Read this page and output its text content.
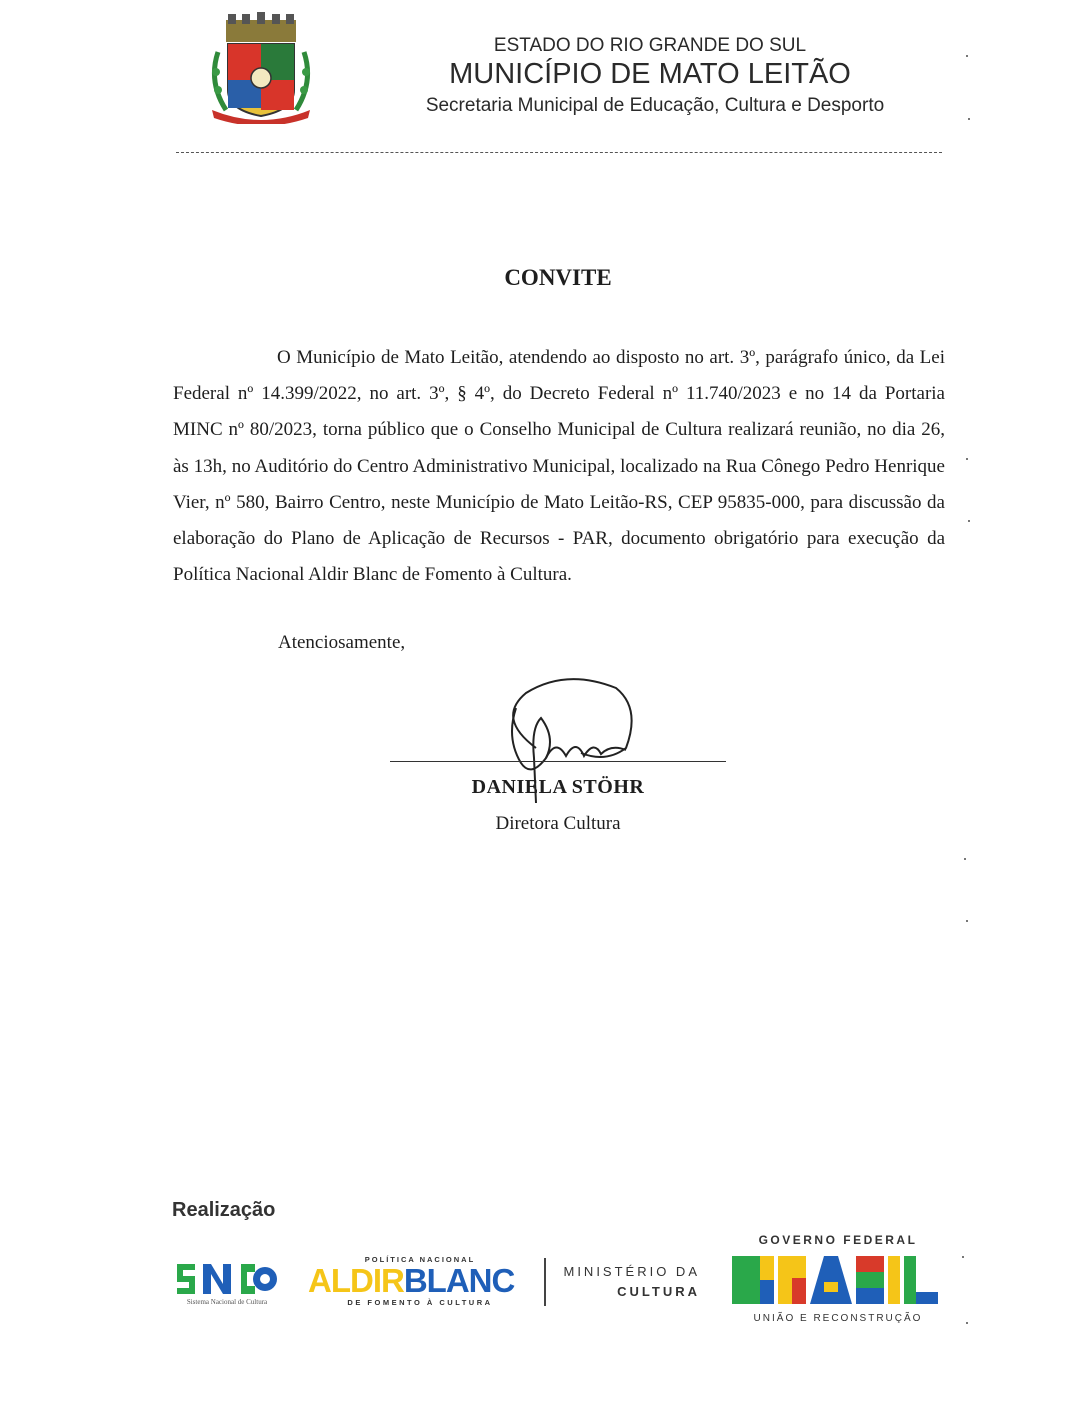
ESTADO DO RIO GRANDE DO SUL
MUNICÍPIO DE MATO LEITÃO
Secretaria Municipal de Educação, Cultura e Desporto
CONVITE
O Município de Mato Leitão, atendendo ao disposto no art. 3º, parágrafo único, da Lei Federal nº 14.399/2022, no art. 3º, § 4º, do Decreto Federal nº 11.740/2023 e no 14 da Portaria MINC nº 80/2023, torna público que o Conselho Municipal de Cultura realizará reunião, no dia 26, às 13h, no Auditório do Centro Administrativo Municipal, localizado na Rua Cônego Pedro Henrique Vier, nº 580, Bairro Centro, neste Município de Mato Leitão-RS, CEP 95835-000, para discussão da elaboração do Plano de Aplicação de Recursos - PAR, documento obrigatório para execução da Política Nacional Aldir Blanc de Fomento à Cultura.
Atenciosamente,
DANIELA STÖHR
Diretora Cultura
Realização
Sistema Nacional de Cultura
POLÍTICA NACIONAL
ALDIRBLANC
DE FOMENTO À CULTURA
MINISTÉRIO DA
CULTURA
GOVERNO FEDERAL
UNIÃO E RECONSTRUÇÃO
